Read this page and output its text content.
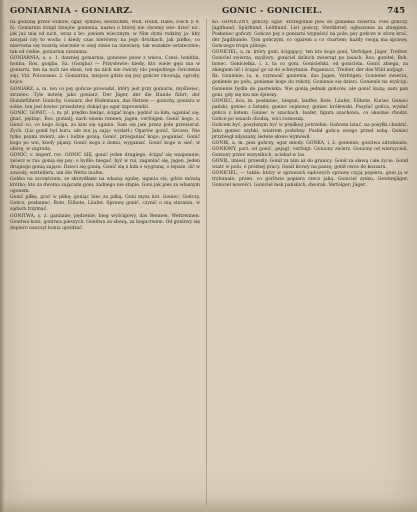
GONIARNIA - GONIARZ.	GONIC - GONICIEL.	745

na godzinę przez wilków, ogar, symbol, deutschen, Wolf, Hund, Rabe, Fisch (i 4. 6). Goniarnia dotąd dziejów gonienia, nazwa o której nie chcemy wie- dzieć nic, jak już mię od nich, wraz z bo- jowiem wiecznym, w Nim dymi rodziny ja- kby zasypał czy to woda; i kiedy czas nierówny na jego dróżkach, jak jabłko, co nierówna się twardą wiecznie w onej zimie na niewiarę; tak wszakże ostatecznie; tak od ciebie, goniarnia nieznana.

GONIARNIA, a, s. 1. dawniej goniarnia, gonienie psów z wiecu. Czesi: honitba, honba; Ros. gonjba, Sa. (Gonjba) — Przysłowie: kiedy, kto wiele gęsi ma w goniarni, ten na nich nie skusi, ten na nich nie ćwiczy (do pospolitego ćwiczenia się). Vid. Polowanie. 2. Goniarnia, miejsce gdzie się psy gończe chowają, ogrody, kojce.

GONIARZ, a, m. ten co psy gończe prowadzi, który jest przy goniarni, myśliwiec, strzelec. Tyle mówię jako goniarz, Der Jäger, der die Hunde führt; der Hundeführer. Gonichy, Goniarz, der Rüdemann, das Hetzen — gonichy, goniarz w sobie, ten jest łowiec prawdziwy, dokąd go ogar zaprowadzi.

GONIC, GONIĆ, - i, m. pl. prędko bieżąc, ścigać kogo, pędzić za kim, uganiać się, gnać, pędząc, Ros. goniatj; nach einem rennen, jagen, verfolgen. Gonić kogo, z, Gonić co, co kogo ściga, za kim się ugania. Sam się jam przez pole przezierał. Zych. (Lis gonił był kuru, ale mu ją zając wydarł.) Ogarów gonić, Szczen. Nie tylko psami zwierz, ale i ludzie gonią. Gonić, przeganiać kogo, poganiać. Gonić kogo po wsi, kiedy pijany. Gonić kogo z domu, wyganiać. Gonić kogo w sieć, w obórę, w zagrodę.

GONIĆ, v. imperf. rec. GONIĆ SIĘ, gonić jeden drugiego, ścigać się wzajemnie; zwierz w rui: gonią się psy; o bydle: biegać, być w rui, zaganiać się, jagen. Jeden drugiego gonią zające. Dzieci się gonią. Gonić się z kim o wygraną, o lepsze, iść w zawody, wetteifern, um die Wette laufen.

Gońba na szczęściem, ze skrzydłami na własną zgubę, ugania się, gdzie mówią krótko; kto za dwoma zającami goni, żadnego nie złapie. Goni jak pies za własnym ogonem.

Gonić piłkę, grać w piłkę; goniąc biec za piłką. Goni mysz kot. Goniec, Gończy, Gończ, posłaniec, Bote, Eilbote, Läufer. Sprawę gonić, czynić o nią starania, w sądach trzymać.

GONITWA, y, ż. ganianie, pędzenie, bieg wyścigowy, das Rennen, Wettrennen. Gonitwa koni, gonitwa pieszych. Gonitwa za sławą, za bogactwem. Od gonitwy się dopiero nauczył konia ujeżdżać.

Ko. GONICZNY, gończy, ogar; szczególnie pies do gonienia zwierza. Pies gończy, Jagdhund, Spürhund, Leithund. List gończy, Steckbrief; ogłoszenie za zbiegiem. Posłaniec gończy. Gończe psy z goniarni wypuścić na pole; psy gończe w sforę brać, der Jagdhunde. Tym gończym, co ogarem a co chartem; każdy swoją ma sprawę. Gończego tropu pilnuje.

GONICIEL, a, m. który goni, ścigający; ten kto kogo goni, Verfolger, Jäger, Treiber. Goniciel zwierza, myśliwy; goniciel dzikich zwierząt po lasach; Ros. gonitel; Boh. honec. Gonicielka, i, ż. ta co goni. Gonicielski, od goniciela. Gonić zbiega, za zbiegiem iść i ścigać go aż do schwytania. Poganiacz, Treiber, der das Wild aufjagt.

Rz. Gonienie, ia, n. czynność gonienia, das Jagen, Verfolgen. Gonienie zwierza, gonienie po polu, gonienie kogo do roboty. Gonienie się dzieci. Gonienie na wyścigi. Gonienie bydła do pastwiska. Nie gonią jednak gońców, ale gonić każą; sam pan goni, gdy się mu nie śpieszy.

GONIEC, ńca, m. posłaniec, biegun, lauffer, Bote, Läufer, Eilbote, Kurier. Goniec pański; goniec z listami; goniec sejmowy, goniec królewski. Posyłać gońca, wysłać gońca z listem. Goniec w szachach, laufer, figura szachowa, co ukośnie chodzi. Gońce po wsiach chodzą, wici roznoszą.

Gońcem być, posyłanym być w prędkiej potrzebie. Gońcem latać, na posyłki chodzić. Jako goniec szybki, wiatrom podobny. Posłał gońca swego przed sobą. Goniec przybiegł zdyszany, ledwie słowo wymówił.

GONIK, a, m. pies gończy, ogar młody. GONKA, i, ż. gonienie, gonitwa zdrobniale. GONIONY, part. od gonić, gejagt, verfolgt. Goniony zwierz. Goniony od wierzycieli. Goniony przez wszystkich, uciekał w las.

GONIŁ, imiesł. przeszły. Gonił za nim aż do granicy. Gonił za sławą całe życie. Gonił wiatr w polu, o próżnej pracy. Gonił krowy na paszę; gonił owce do koszaru.

GONICIEL, — także: który w sprawach sądowych sprawę czyją popiera, goni ją w trybunale; przen. co gorliwie popiera rzecz jaką. Goniciel zysku, Gewinnjäger. Goniciel nowości. Goniciel łask pańskich, dworak. Verfolger; Jäger.
